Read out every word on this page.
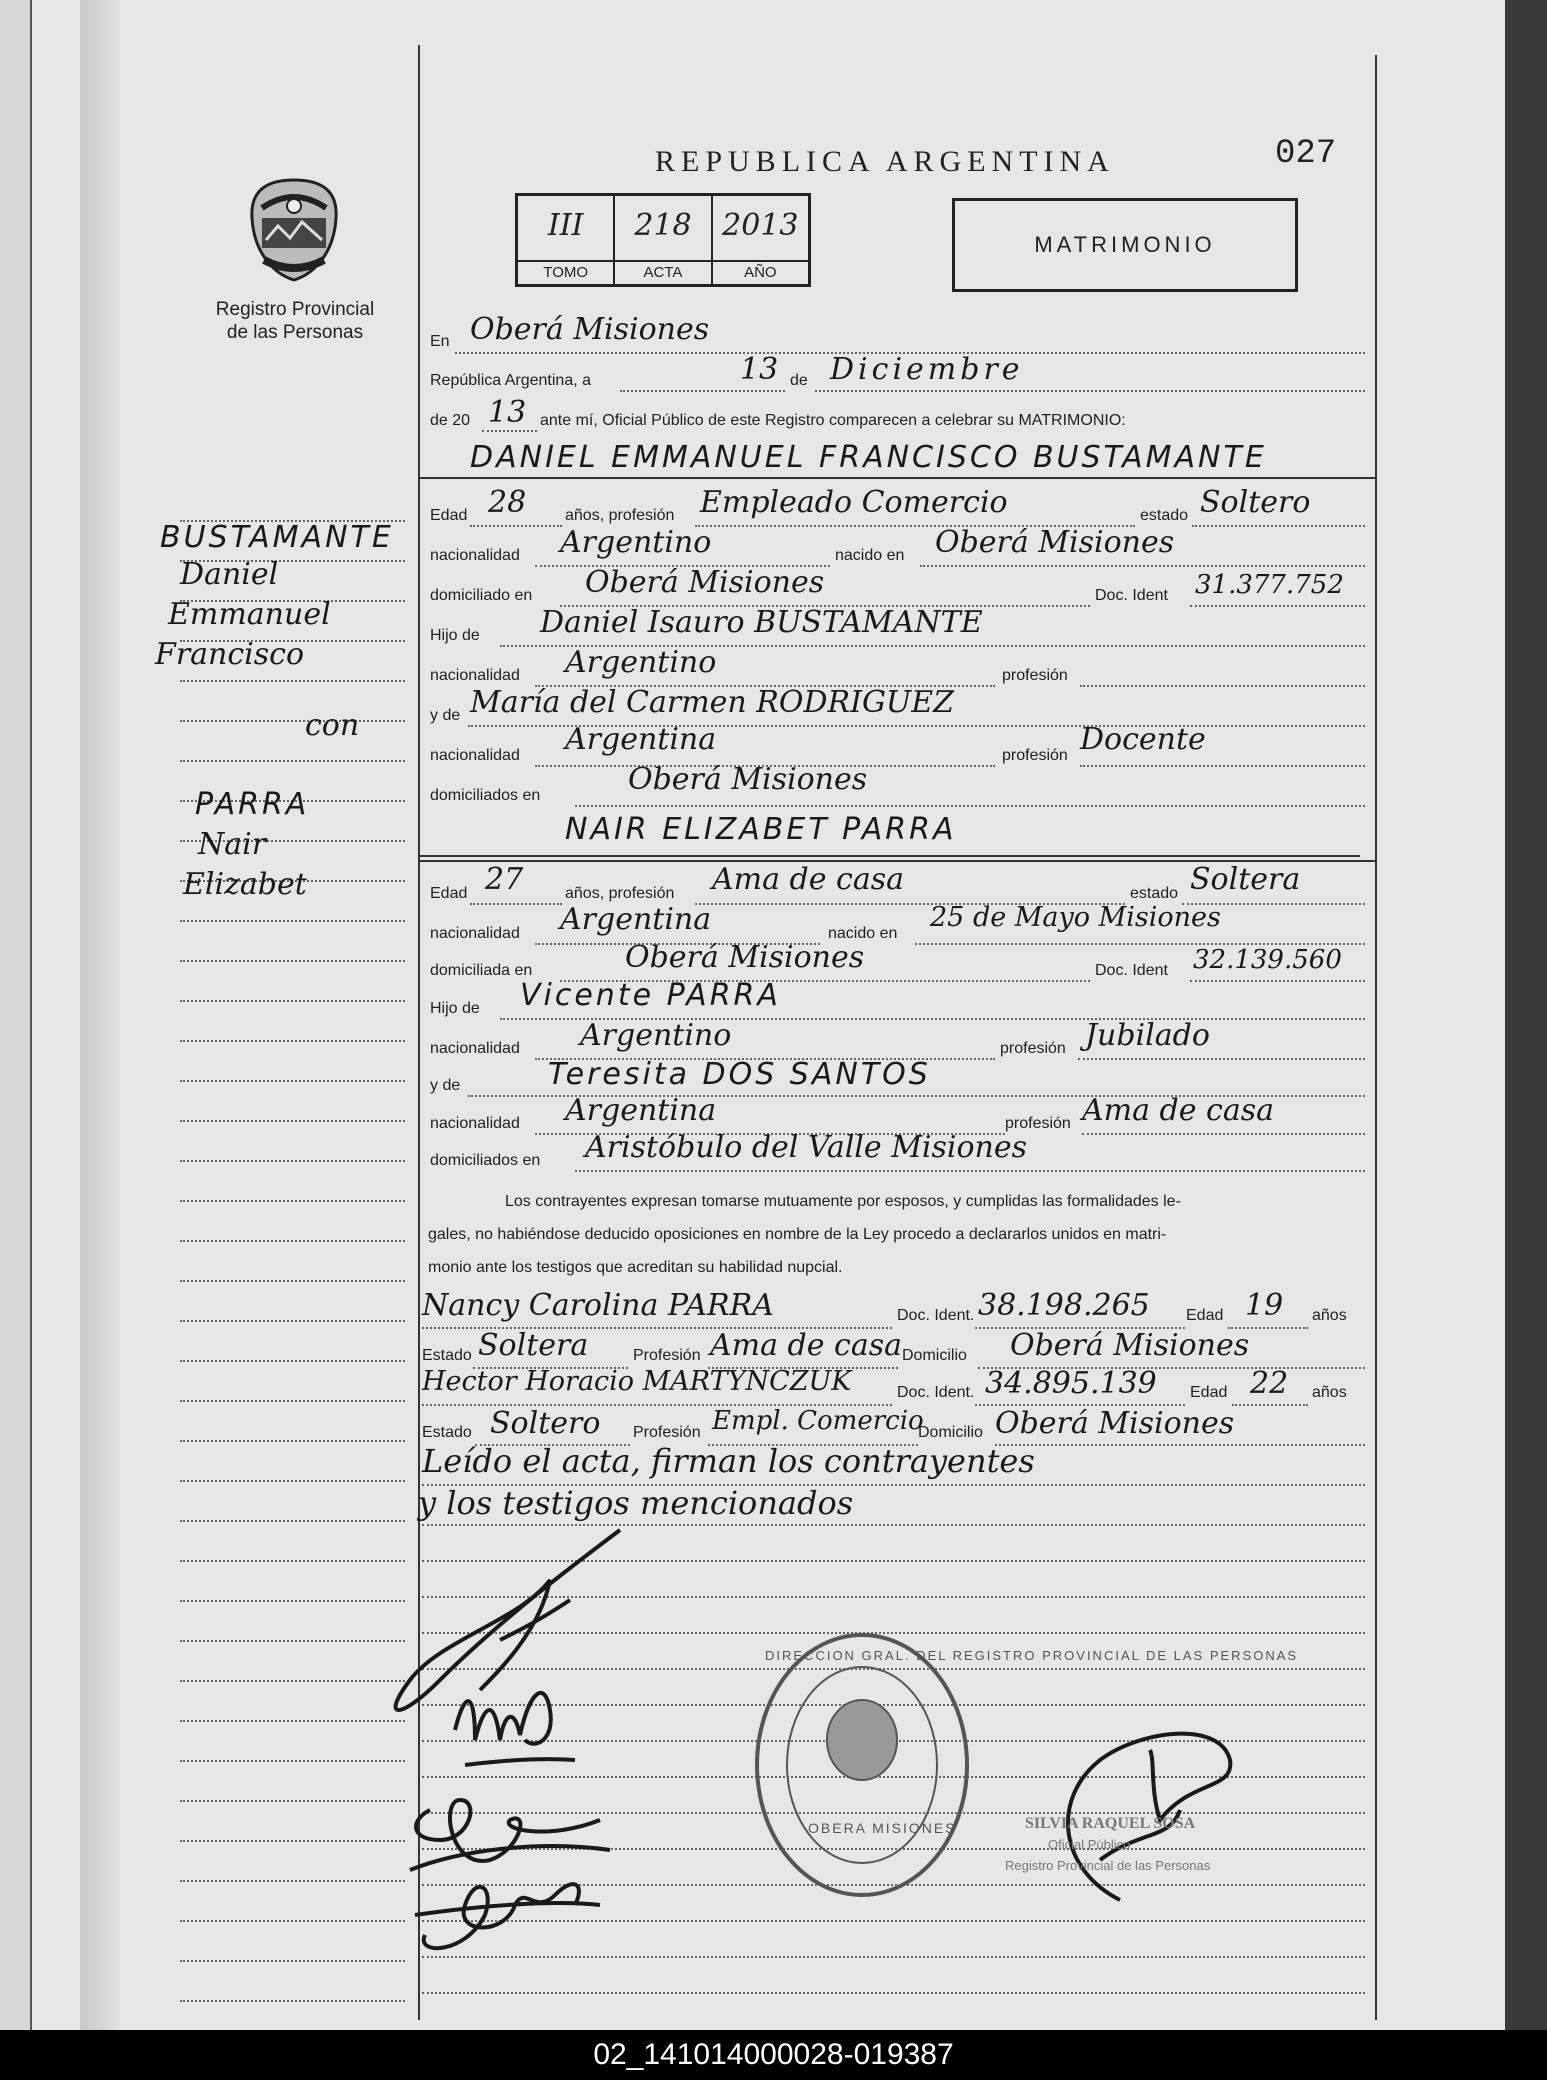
REPUBLICA ARGENTINA	027
III
TOMO
218
ACTA
2013
AÑO
MATRIMONIO
Registro Provincial
de las Personas
BUSTAMANTE
Daniel
Emmanuel
Francisco
con
PARRA
Nair
Elizabet
En Oberá Misiones
República Argentina, a	13 de Diciembre
de 20 13 ante mí, Oficial Público de este Registro comparecen a celebrar su MATRIMONIO:
DANIEL EMMANUEL FRANCISCO BUSTAMANTE
Edad 28 años, profesión Empleado Comercio	estado Soltero
nacionalidad Argentino	nacido en Oberá Misiones
domiciliado en Oberá Misiones	Doc. Ident 31.377.752
Hijo de Daniel Isauro BUSTAMANTE
nacionalidad Argentino	profesión
y de María del Carmen RODRIGUEZ
nacionalidad Argentina	profesión Docente
domiciliados en	Oberá Misiones
NAIR ELIZABET PARRA
Edad 27	años, profesión Ama de casa	estado Soltera
nacionalidad Argentina	nacido en
25 de Mayo Misiones
domiciliada en	Oberá Misiones	Doc. Ident 32.139.560
Hijo de Vicente PARRA
nacionalidad Argentino	profesión Jubilado
y de	Teresita DOS SANTOS
nacionalidad Argentina	profesión Ama de casa
domiciliados en Aristóbulo del Valle Misiones
Los contrayentes expresan tomarse mutuamente por esposos, y cumplidas las formalidades le-
gales, no habiéndose deducido oposiciones en nombre de la Ley procedo a declararlos unidos en matri-
monio ante los testigos que acreditan su habilidad nupcial.
Nancy Carolina PARRA	Doc. Ident. 38.198.265 Edad 19 años
Estado Soltera	Profesión Ama de casa Domicilio Oberá Misiones
Hector Horacio MARTYNCZUK	Doc. Ident. 34.895.139 Edad 22 años
Estado Soltero Profesión Empl. Comercio
Domicilio Oberá Misiones
Leído el acta, firman los contrayentes
y los testigos mencionados
DIRECCION GRAL. DEL REGISTRO PROVINCIAL DE LAS PERSONAS
OBERA MISIONES	SILVIA RAQUEL SOSA
Oficial Público
Registro Provincial de las Personas
02_141014000028-019387
